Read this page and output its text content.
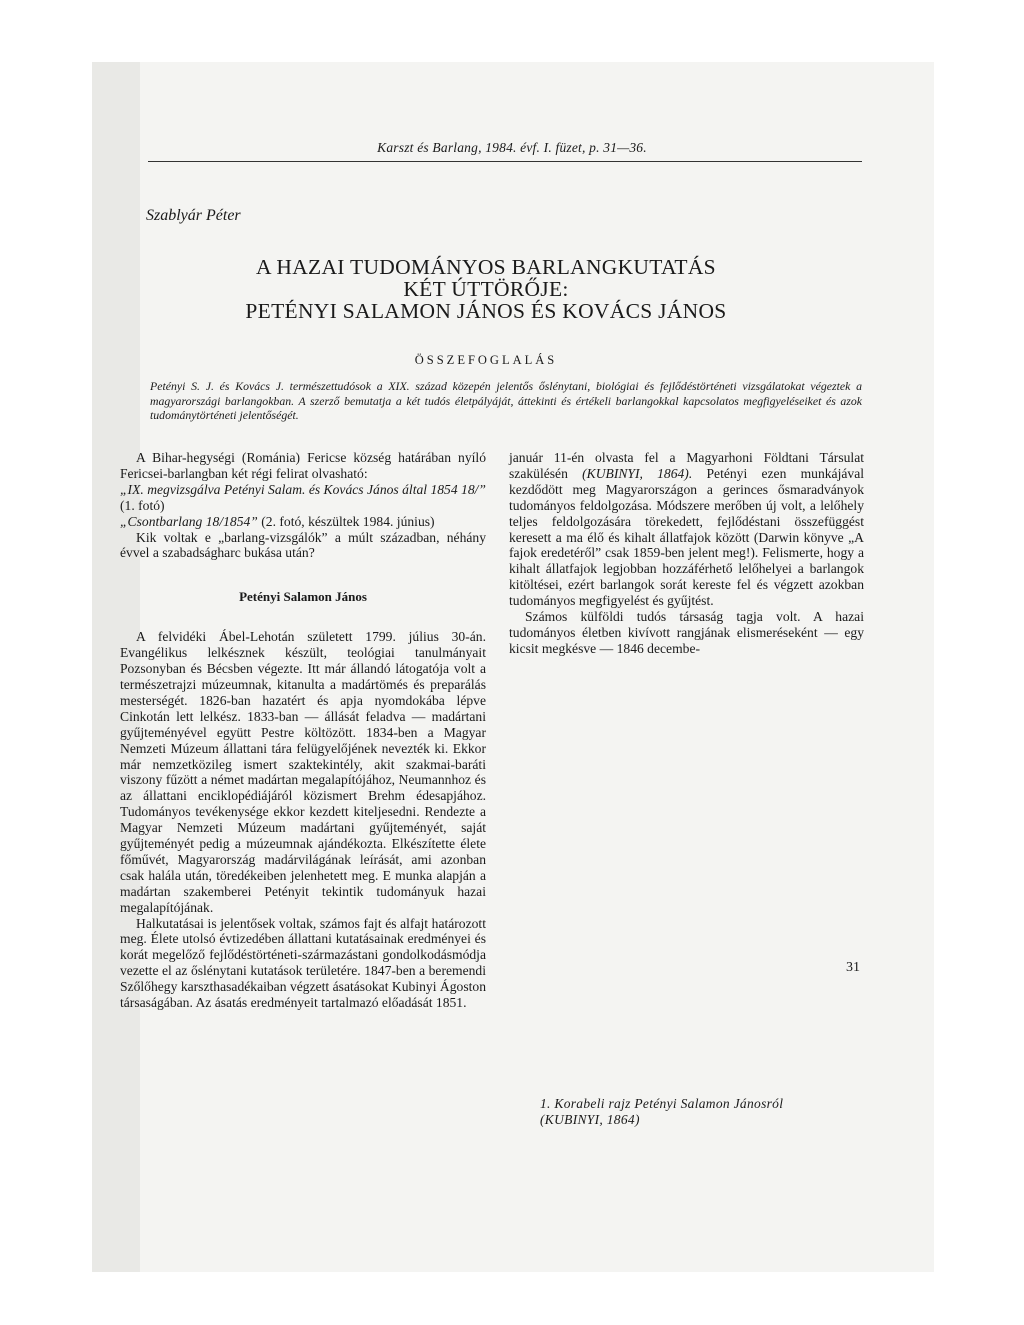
Karszt és Barlang, 1984. évf. I. füzet, p. 31—36.
Szablyár Péter
A HAZAI TUDOMÁNYOS BARLANGKUTATÁS
KÉT ÚTTÖRŐJE:
PETÉNYI SALAMON JÁNOS ÉS KOVÁCS JÁNOS
ÖSSZEFOGLALÁS
Petényi S. J. és Kovács J. természettudósok a XIX. század közepén jelentős őslénytani, biológiai és fejlődéstörténeti vizsgálatokat végeztek a magyarországi barlangokban. A szerző bemutatja a két tudós életpályáját, áttekinti és értékeli barlangokkal kapcsolatos megfigyeléseiket és azok tudománytörténeti jelentőségét.

A Bihar-hegységi (Románia) Fericse község határában nyíló Fericsei-barlangban két régi felirat olvasható:

„IX. megvizsgálva Petényi Salam. és Kovács János által 1854 18/” (1. fotó)

„Csontbarlang 18/1854” (2. fotó, készültek 1984. június)

Kik voltak e „barlang-vizsgálók” a múlt században, néhány évvel a szabadságharc bukása után?

Petényi Salamon János

A felvidéki Ábel-Lehotán született 1799. július 30-án. Evangélikus lelkésznek készült, teológiai tanulmányait Pozsonyban és Bécsben végezte. Itt már állandó látogatója volt a természetrajzi múzeumnak, kitanulta a madártömés és preparálás mesterségét. 1826-ban hazatért és apja nyomdokába lépve Cinkotán lett lelkész. 1833-ban — állását feladva — madártani gyűjteményével együtt Pestre költözött. 1834-ben a Magyar Nemzeti Múzeum állattani tára felügyelőjének nevezték ki. Ekkor már nemzetközileg ismert szaktekintély, akit szakmai-baráti viszony fűzött a német madártan megalapítójához, Neumannhoz és az állattani enciklopédiájáról közismert Brehm édesapjához. Tudományos tevékenysége ekkor kezdett kiteljesedni. Rendezte a Magyar Nemzeti Múzeum madártani gyűjteményét, saját gyűjteményét pedig a múzeumnak ajándékozta. Elkészítette élete főművét, Magyarország madárvilágának leírását, ami azonban csak halála után, töredékeiben jelenhetett meg. E munka alapján a madártan szakemberei Petényit tekintik tudományuk hazai megalapítójának.

Halkutatásai is jelentősek voltak, számos fajt és alfajt határozott meg. Élete utolsó évtizedében állattani kutatásainak eredményei és korát megelőző fejlődéstörténeti-származástani gondolkodásmódja vezette el az őslénytani kutatások területére. 1847-ben a beremendi Szőlőhegy karszthasadékaiban végzett ásatásokat Kubinyi Ágoston társaságában. Az ásatás eredményeit tartalmazó előadását 1851.

január 11-én olvasta fel a Magyarhoni Földtani Társulat szakülésén (KUBINYI, 1864). Petényi ezen munkájával kezdődött meg Magyarországon a gerinces ősmaradványok tudományos feldolgozása. Módszere merőben új volt, a lelőhely teljes feldolgozására törekedett, fejlődéstani összefüggést keresett a ma élő és kihalt állatfajok között (Darwin könyve „A fajok eredetéről” csak 1859-ben jelent meg!). Felismerte, hogy a kihalt állatfajok legjobban hozzáférhető lelőhelyei a barlangok kitöltései, ezért barlangok sorát kereste fel és végzett azokban tudományos megfigyelést és gyűjtést.

Számos külföldi tudós társaság tagja volt. A hazai tudományos életben kivívott rangjának elismeréseként — egy kicsit megkésve — 1846 decembe-

1. Korabeli rajz Petényi Salamon Jánosról
(KUBINYI, 1864)
31
